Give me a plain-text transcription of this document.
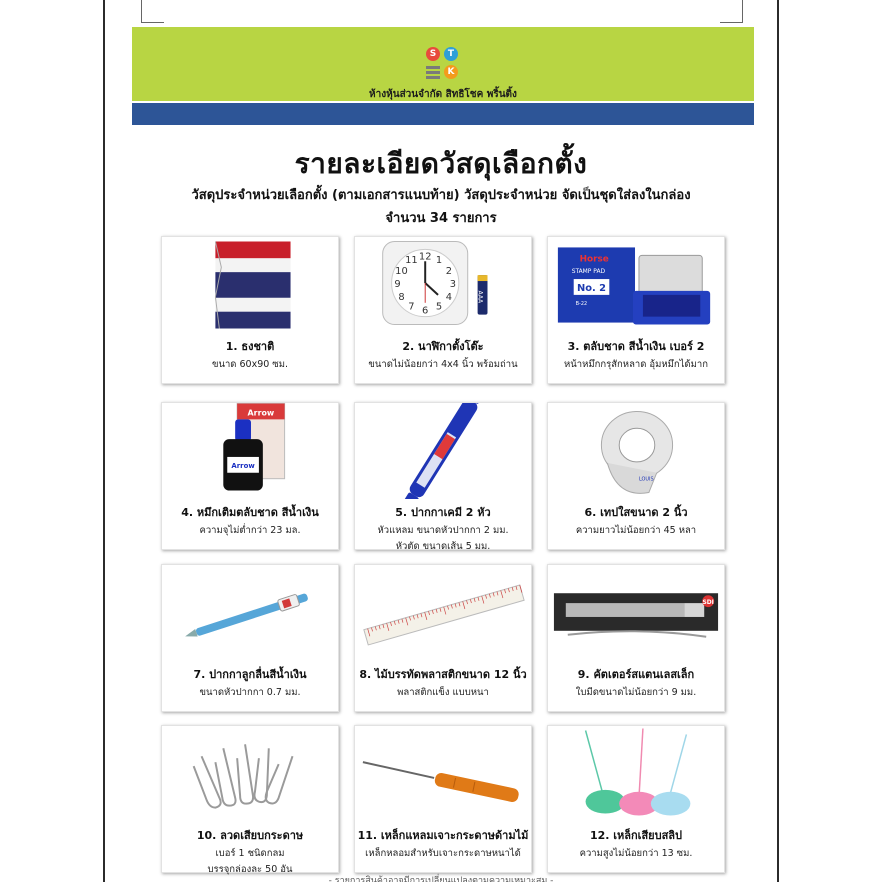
S	T
K
ห้างหุ้นส่วนจำกัด สิทธิโชค พริ้นติ้ง
รายละเอียดวัสดุเลือกตั้ง
วัสดุประจำหน่วยเลือกตั้ง (ตามเอกสารแนบท้าย) วัสดุประจำหน่วย จัดเป็นชุดใส่ลงในกล่อง
จำนวน 34 รายการ
1. ธงชาติ
ขนาด 60x90 ซม.
12 1
2
3
4
5
6
7
8
9
10
11
AAA
2. นาฬิกาตั้งโต๊ะ
ขนาดไม่น้อยกว่า 4x4 นิ้ว พร้อมถ่าน
Horse
STAMP PAD
No. 2
B-22
3. ตลับชาด สีน้ำเงิน เบอร์ 2
หน้าหมึกกรุสักหลาด อุ้มหมึกได้มาก
Arrow
Arrow
4. หมึกเติมตลับชาด สีน้ำเงิน
ความจุไม่ต่ำกว่า 23 มล.
5. ปากกาเคมี 2 หัว
หัวแหลม ขนาดหัวปากกา 2 มม.
หัวตัด ขนาดเส้น 5 มม.
LOUIS
6. เทปใสขนาด 2 นิ้ว
ความยาวไม่น้อยกว่า 45 หลา
7. ปากกาลูกลื่นสีน้ำเงิน
ขนาดหัวปากกา 0.7 มม.
8. ไม้บรรทัดพลาสติกขนาด 12 นิ้ว
พลาสติกแข็ง แบบหนา
SDI
9. คัตเตอร์สแตนเลสเล็ก
ใบมีดขนาดไม่น้อยกว่า 9 มม.
10. ลวดเสียบกระดาษ
เบอร์ 1 ชนิดกลม
บรรจุกล่องละ 50 อัน
11. เหล็กแหลมเจาะกระดาษด้ามไม้
เหล็กหลอมสำหรับเจาะกระดาษหนาได้
12. เหล็กเสียบสลิป
ความสูงไม่น้อยกว่า 13 ซม.
- รายการสินค้าอาจมีการเปลี่ยนแปลงตามความเหมาะสม -
